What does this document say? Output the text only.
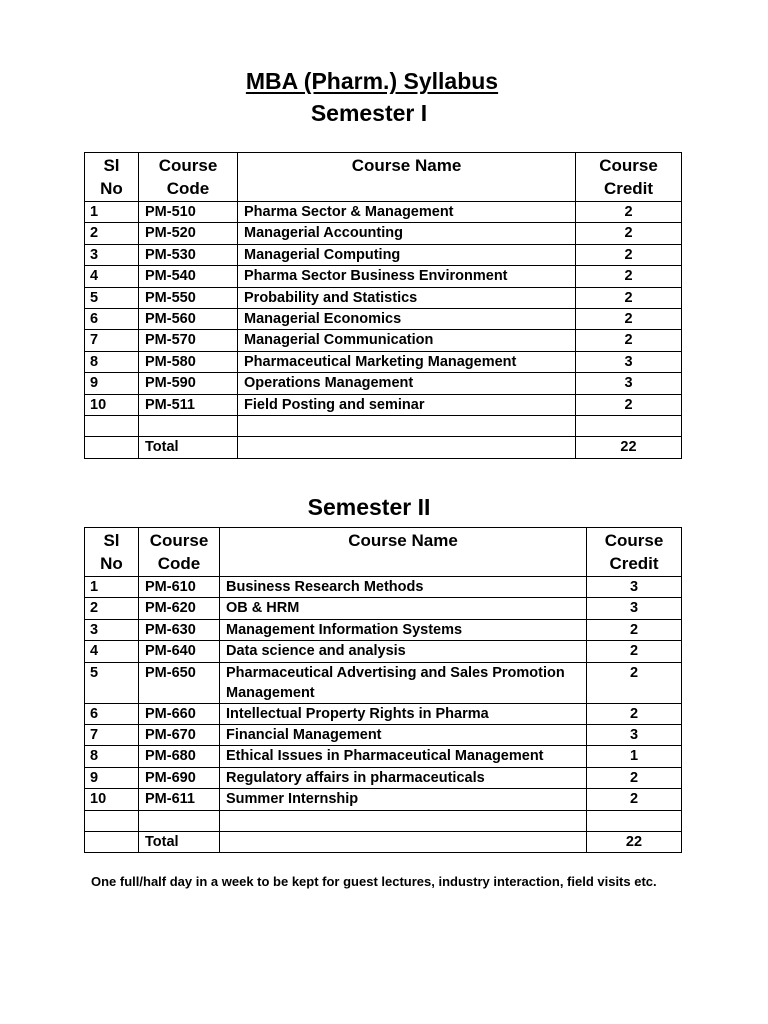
MBA (Pharm.) Syllabus
Semester I
Sl No	Course Code	Course Name	Course Credit
1	PM-510	Pharma Sector & Management	2
2	PM-520	Managerial Accounting	2
3	PM-530	Managerial Computing	2
4	PM-540	Pharma Sector Business Environment	2
5	PM-550	Probability and Statistics	2
6	PM-560	Managerial Economics	2
7	PM-570	Managerial Communication	2
8	PM-580	Pharmaceutical Marketing Management	3
9	PM-590	Operations Management	3
10	PM-511	Field Posting and seminar	2

	Total		22
Semester II
Sl No	Course Code	Course Name	Course Credit
1	PM-610	Business Research Methods	3
2	PM-620	OB & HRM	3
3	PM-630	Management Information Systems	2
4	PM-640	Data science and analysis	2
5	PM-650	Pharmaceutical Advertising and Sales Promotion Management	2
6	PM-660	Intellectual Property Rights in Pharma	2
7	PM-670	Financial Management	3
8	PM-680	Ethical Issues in Pharmaceutical Management	1
9	PM-690	Regulatory affairs in pharmaceuticals	2
10	PM-611	Summer Internship	2

	Total		22
One full/half day in a week to be kept for guest lectures, industry interaction, field visits etc.
